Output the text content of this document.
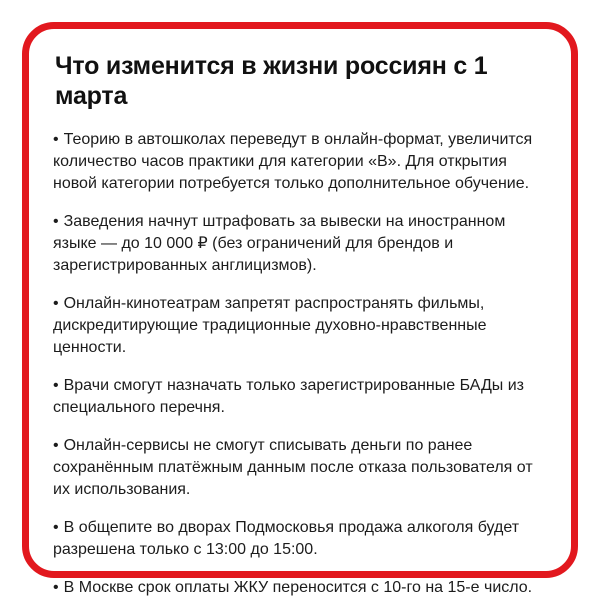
Что изменится в жизни россиян с 1 марта

• Теорию в автошколах переведут в онлайн-формат, увеличится количество часов практики для категории «В». Для открытия новой категории потребуется только дополнительное обучение.

• Заведения начнут штрафовать за вывески на иностранном языке — до 10 000 ₽ (без ограничений для брендов и зарегистрированных англицизмов).

• Онлайн-кинотеатрам запретят распространять фильмы, дискредитирующие традиционные духовно-нравственные ценности.

• Врачи смогут назначать только зарегистрированные БАДы из специального перечня.

• Онлайн-сервисы не смогут списывать деньги по ранее сохранённым платёжным данным после отказа пользователя от их использования.

• В общепите во дворах Подмосковья продажа алкоголя будет разрешена только с 13:00 до 15:00.

• В Москве срок оплаты ЖКУ переносится с 10-го на 15-е число.
